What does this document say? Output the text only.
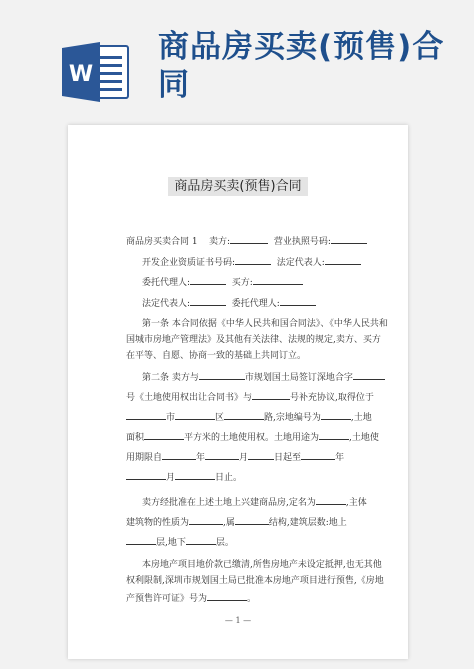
W
商品房买卖(预售)合同
商品房买卖(预售)合同
商品房买卖合同 1 卖方:	营业执照号码:
开发企业资质证书号码:	法定代表人:
委托代理人:	买方:
法定代表人:	委托代理人:
第一条 本合同依据《中华人民共和国合同法》、《中华人民共和
国城市房地产管理法》及其他有关法律、法规的规定,卖方、买方
在平等、自愿、协商一致的基础上共同订立。
第二条 卖方与	市规划国土局签订深地合字
号《土地使用权出让合同书》与	号补充协议,取得位于
市	区	路,宗地编号为	,土地
面积	平方米的土地使用权。土地用途为	,土地使
用期限自	年	月	日起至	年
月	日止。
卖方经批准在上述土地上兴建商品房,定名为	,主体
建筑物的性质为	,属	结构,建筑层数:地上
层,地下	层。
本房地产项目地价款已缴清,所售房地产未设定抵押,也无其他
权利限制,深圳市规划国土局已批准本房地产项目进行预售,《房地
产预售许可证》号为	。
— 1 —
